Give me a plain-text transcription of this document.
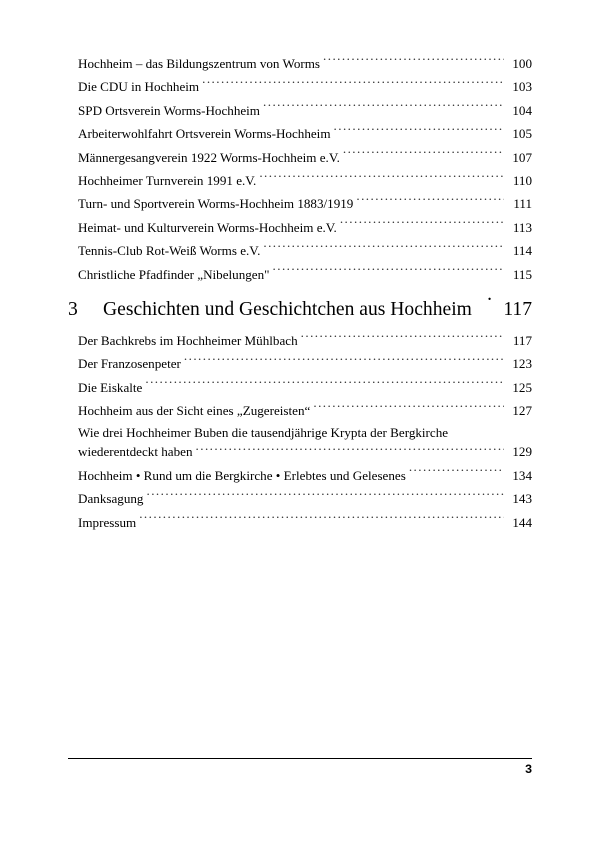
Hochheim – das Bildungszentrum von Worms .....	100
Die CDU in Hochheim .....	103
SPD Ortsverein Worms-Hochheim .....	104
Arbeiterwohlfahrt Ortsverein Worms-Hochheim .....	105
Männergesangverein 1922 Worms-Hochheim e.V. .....	107
Hochheimer Turnverein 1991 e.V. .....	110
Turn- und Sportverein Worms-Hochheim 1883/1919 .....	111
Heimat- und Kulturverein Worms-Hochheim e.V. .....	113
Tennis-Club Rot-Weiß Worms e.V. .....	114
Christliche Pfadfinder „Nibelungen" .....	115
3	Geschichten und Geschichtchen aus Hochheim .	117
Der Bachkrebs im Hochheimer Mühlbach .....	117
Der Franzosenpeter .....	123
Die Eiskalte .....	125
Hochheim aus der Sicht eines „Zugereisten“ .....	127
Wie drei Hochheimer Buben die tausendjährige Krypta der Bergkirche
wiederentdeckt haben .....	129
Hochheim • Rund um die Bergkirche • Erlebtes und Gelesenes .....	134
Danksagung .....	143
Impressum .....	144
3
